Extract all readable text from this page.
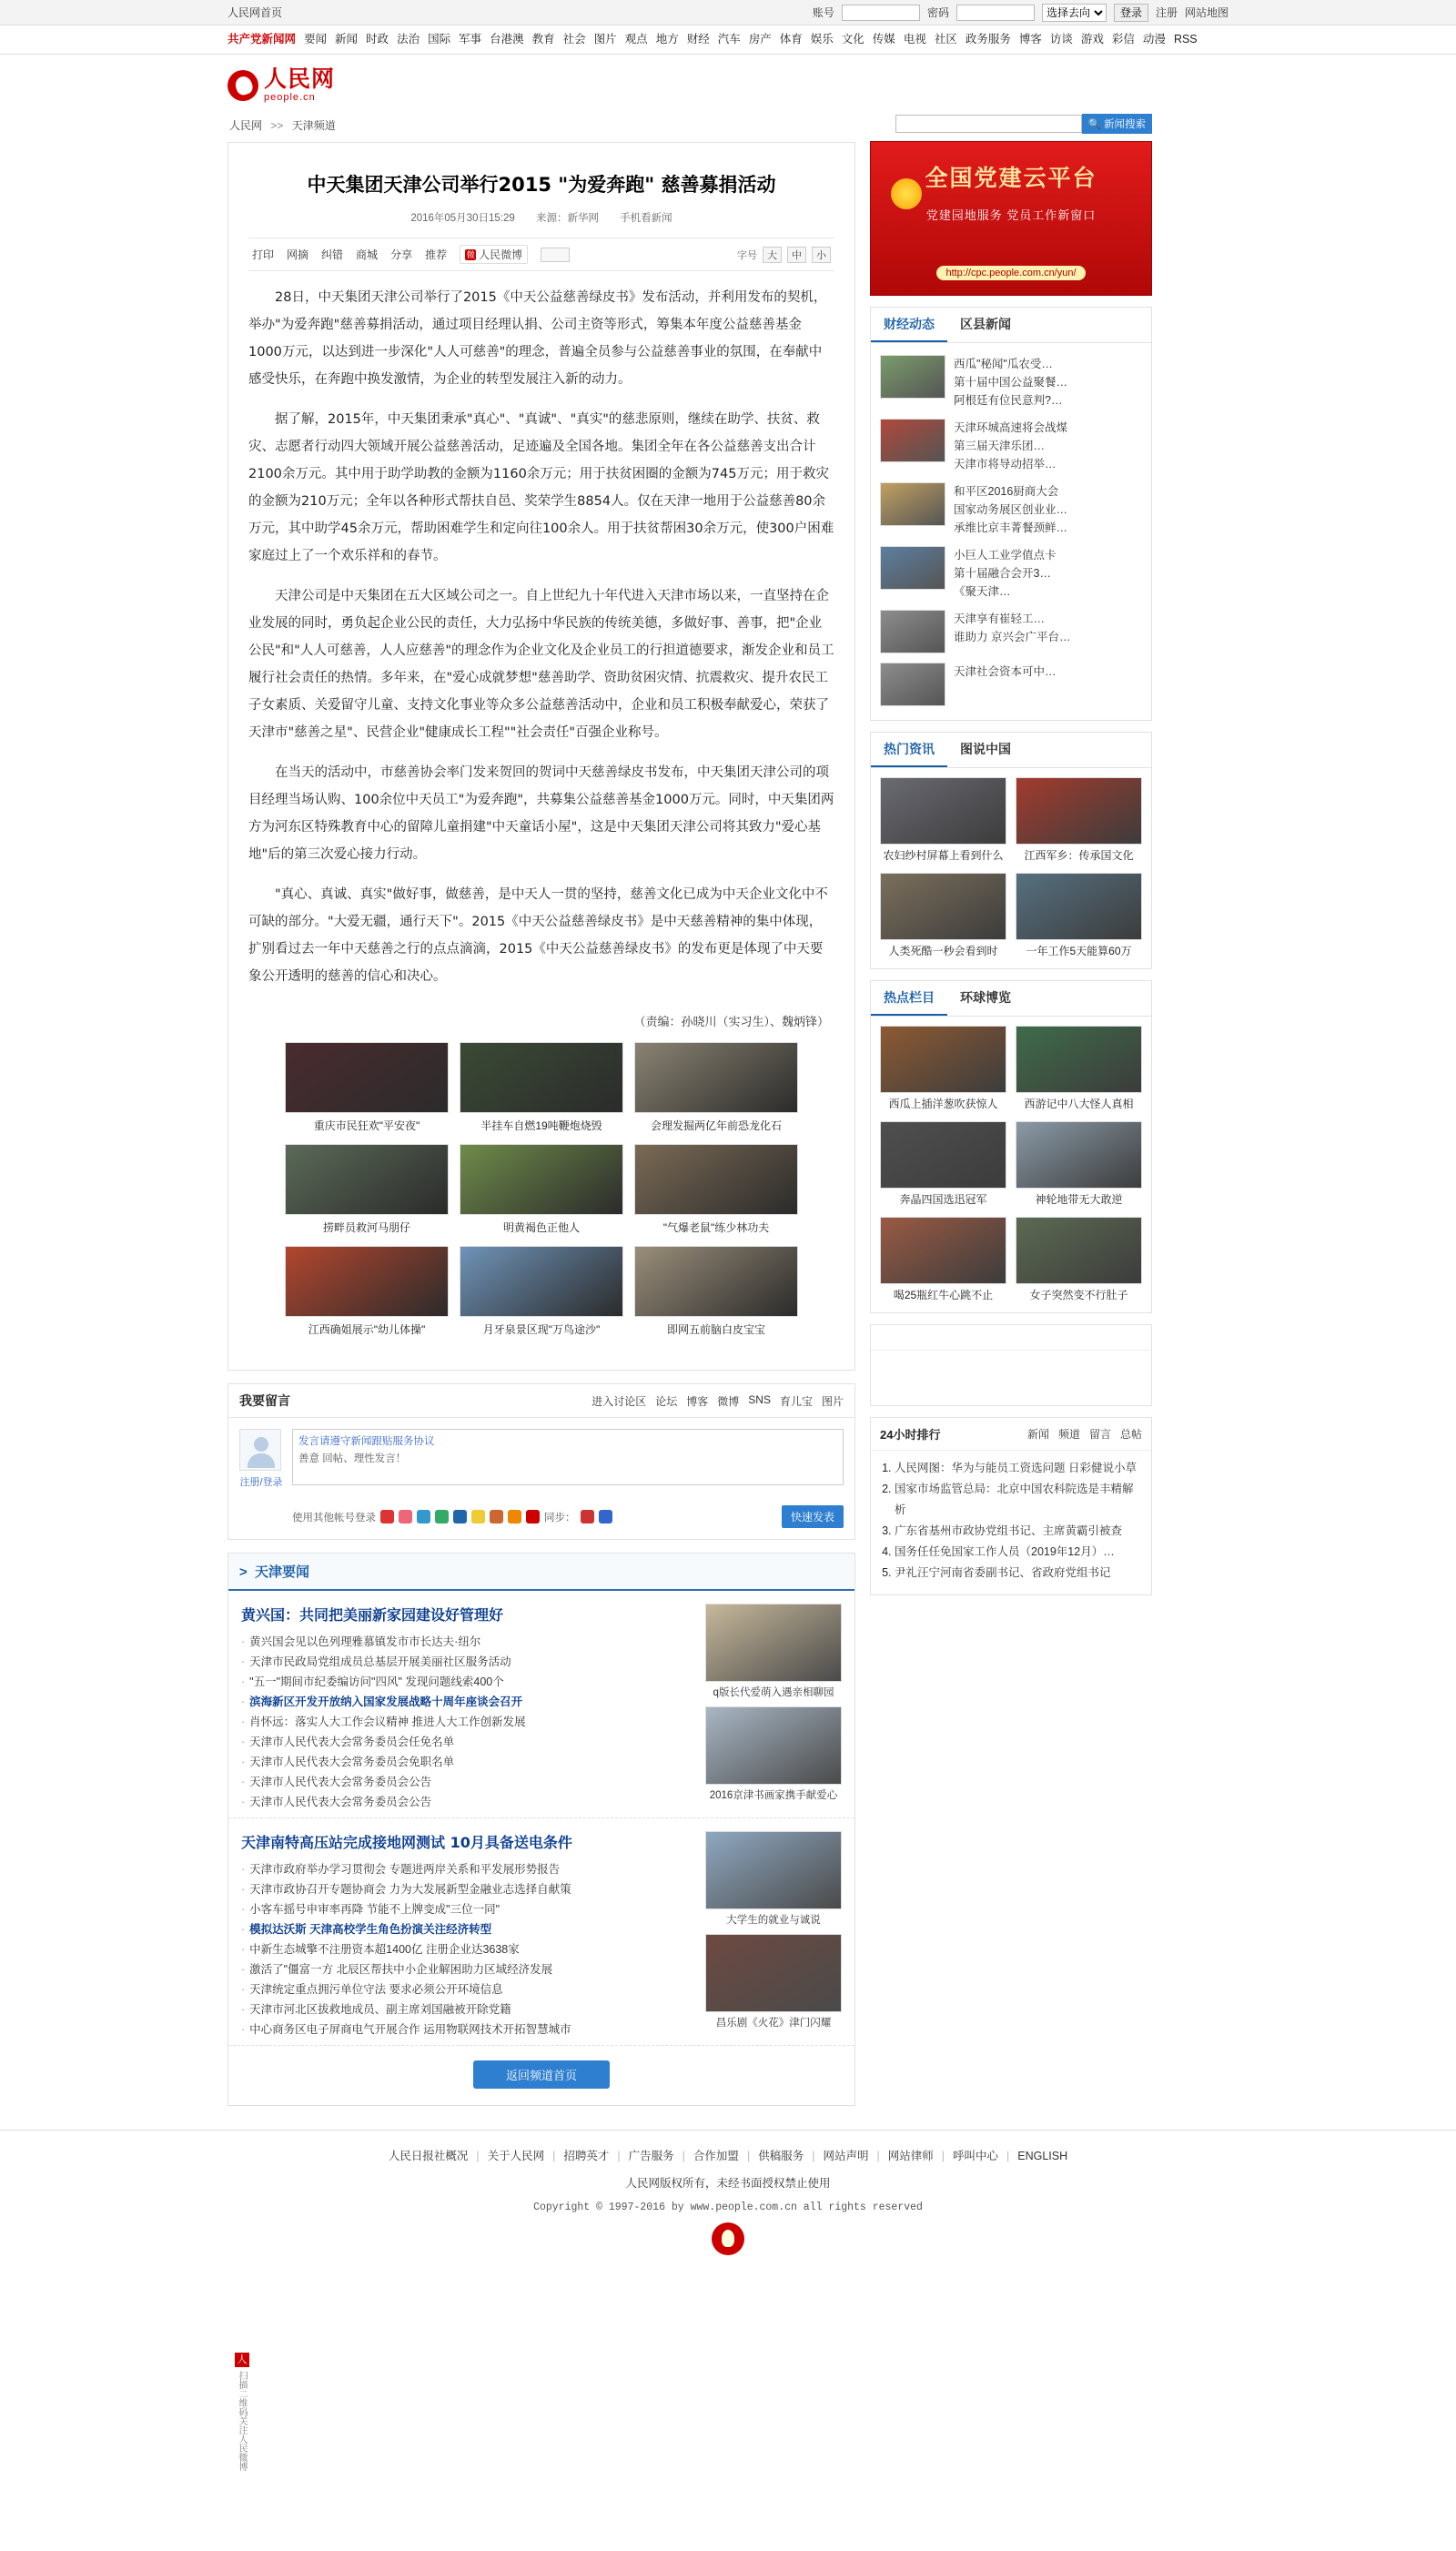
人民网首页	账号	密码
选择去向	登录	注册 网站地图
共产党新闻网 要闻 新闻 时政 法治 国际 军事 台港澳 教育 社会 图片 观点 地方 财经 汽车 房产 体育 娱乐 文化 传媒 电视 社区 政务服务 博客 访谈 游戏 彩信 动漫 RSS
人民网
people.cn
人民网 >> 天津频道
中天集团天津公司举行2015 "为爱奔跑" 慈善募捐活动
2016年05月30日15:29 来源：新华网 手机看新闻
打印 网摘 纠错 商城 分享 推荐 微 人民微博	字号	大	中	小

28日，中天集团天津公司举行了2015《中天公益慈善绿皮书》发布活动，并利用发布的契机，举办"为爱奔跑"慈善募捐活动，通过项目经理认捐、公司主资等形式，筹集本年度公益慈善基金1000万元，以达到进一步深化"人人可慈善"的理念，普遍全员参与公益慈善事业的氛围，在奉献中感受快乐，在奔跑中换发激情，为企业的转型发展注入新的动力。

据了解，2015年，中天集团秉承"真心"、"真诚"、"真实"的慈悲原则，继续在助学、扶贫、救灾、志愿者行动四大领域开展公益慈善活动，足迹遍及全国各地。集团全年在各公益慈善支出合计2100余万元。其中用于助学助教的金额为1160余万元；用于扶贫困圈的金额为745万元；用于救灾的金额为210万元；全年以各种形式帮扶自邑、奖荣学生8854人。仅在天津一地用于公益慈善80余万元，其中助学45余万元，帮助困难学生和定向往100余人。用于扶贫帮困30余万元，使300户困难家庭过上了一个欢乐祥和的春节。

天津公司是中天集团在五大区域公司之一。自上世纪九十年代进入天津市场以来，一直坚持在企业发展的同时，勇负起企业公民的责任，大力弘扬中华民族的传统美德，多做好事、善事，把"企业公民"和"人人可慈善，人人应慈善"的理念作为企业文化及企业员工的行担道德要求，渐发企业和员工履行社会责任的热情。多年来，在"爱心成就梦想"慈善助学、资助贫困灾情、抗震救灾、提升农民工子女素质、关爱留守儿童、支持文化事业等众多公益慈善活动中，企业和员工积极奉献爱心，荣获了天津市"慈善之星"、民营企业"健康成长工程""社会责任"百强企业称号。

在当天的活动中，市慈善协会率门发来贺回的贺词中天慈善绿皮书发布，中天集团天津公司的项目经理当场认购、100余位中天员工"为爱奔跑"，共募集公益慈善基金1000万元。同时，中天集团两方为河东区特殊教育中心的留障儿童捐建"中天童话小屋"，这是中天集团天津公司将其致力"爱心基地"后的第三次爱心接力行动。

"真心、真诚、真实"做好事，做慈善，是中天人一贯的坚持，慈善文化已成为中天企业文化中不可缺的部分。"大爱无疆，通行天下"。2015《中天公益慈善绿皮书》是中天慈善精神的集中体现，扩别看过去一年中天慈善之行的点点滴滴，2015《中天公益慈善绿皮书》的发布更是体现了中天要象公开透明的慈善的信心和决心。

（责编：孙晓川（实习生）、魏炳锋）
重庆市民狂欢"平安夜"	半挂车自燃19吨鞭炮烧毁	会理发掘两亿年前恐龙化石
捞畔员救河马朋仔	明黄褐色正他人	"气爆老鼠"练少林功夫
江西确姐展示"幼儿体操"	月牙泉景区现"万鸟途沙"	即网五前脑白皮宝宝
我要留言	进入讨论区 论坛 博客 微博 SNS 育儿宝 图片
注册/登录
发言请遵守新闻跟贴服务协议
善意 回帖、理性发言！
使用其他帐号登录	同步：	快速发表
> 天津要闻
黄兴国：共同把美丽新家园建设好管理好
· 黄兴国会见以色列理雅慕镇发市市长达夫·纽尔
· 天津市民政局党组成员总基层开展美丽社区服务活动
· "五一"期间市纪委编访问"四风" 发现问题线索400个
· 滨海新区开发开放纳入国家发展战略十周年座谈会召开
· 肖怀远：落实人大工作会议精神 推进人大工作创新发展
· 天津市人民代表大会常务委员会任免名单
· 天津市人民代表大会常务委员会免职名单
· 天津市人民代表大会常务委员会公告
· 天津市人民代表大会常务委员会公告
q版长代爱萌入遇亲相聊园
2016京津书画家携手献爱心
天津南特高压站完成接地网测试 10月具备送电条件
· 天津市政府举办学习贯彻会 专题进两岸关系和平发展形势报告
· 天津市政协召开专题协商会 力为大发展新型金融业志选择自献策
· 小客车摇号申审率再降 节能不上牌变成"三位一同"
· 模拟达沃斯 天津高校学生角色扮演关注经济转型
· 中新生态城擎不注册资本超1400亿 注册企业达3638家
· 激活了"僵富一方 北辰区帮扶中小企业解困助力区域经济发展
· 天津统定重点拥污单位守法 要求必须公开环境信息
· 天津市河北区拔救地成员、副主席刘国融被开除党籍
· 中心商务区电子屏商电气开展合作 运用物联网技术开拓智慧城市
大学生的就业与诚说
昌乐剧《火花》津门闪耀
返回频道首页
🔍 新闻搜索
全国党建云平台
党建园地服务 党员工作新窗口
http://cpc.people.com.cn/yun/
财经动态	区县新闻
西瓜"秘闻"瓜农受…
第十届中国公益聚餐…
阿根廷有位民意判?…
天津环城高速将会战煤
第三届天津乐团…
天津市将导动招举…
和平区2016厨商大会
国家动务展区创业业…
承维比京丰菁餐颈鲜…
小巨人工业学值点卡
第十届融合会开3…
《聚天津…
天津享有崔轻工…
谁助力 京兴会广平台…
天津社会资本可中…
热门资讯	图说中国
农妇纱村屏幕上看到什么	江西军乡：传承国文化
人类死酷一秒会看到时	一年工作5天能算60万
热点栏目	环球博览
西瓜上插洋葱吹获惊人	西游记中八大怪人真相
奔晶四国选迅冠军	神轮地带无大敢逆
喝25瓶红牛心跳不止	女子突然变不行肚子
24小时排行	新闻 频道 留言 总帖
1. 人民网图：华为与能员工资选问题 日彩健说小草
2. 国家市场监管总局：北京中国农科院选是丰精解析
3. 广东省基州市政协党组书记、主席黄霸引被查
4. 国务任任免国家工作人员（2019年12月）…
5. 尹礼汪宁河南省委副书记、省政府党组书记
人民日报社概况 | 关于人民网 | 招聘英才 | 广告服务 | 合作加盟 | 供稿服务 | 网站声明 | 网站律师 | 呼叫中心 | ENGLISH
人民网版权所有，未经书面授权禁止使用
Copyright © 1997-2016 by www.people.com.cn all rights reserved
人
扫描二维码关注人民微博
